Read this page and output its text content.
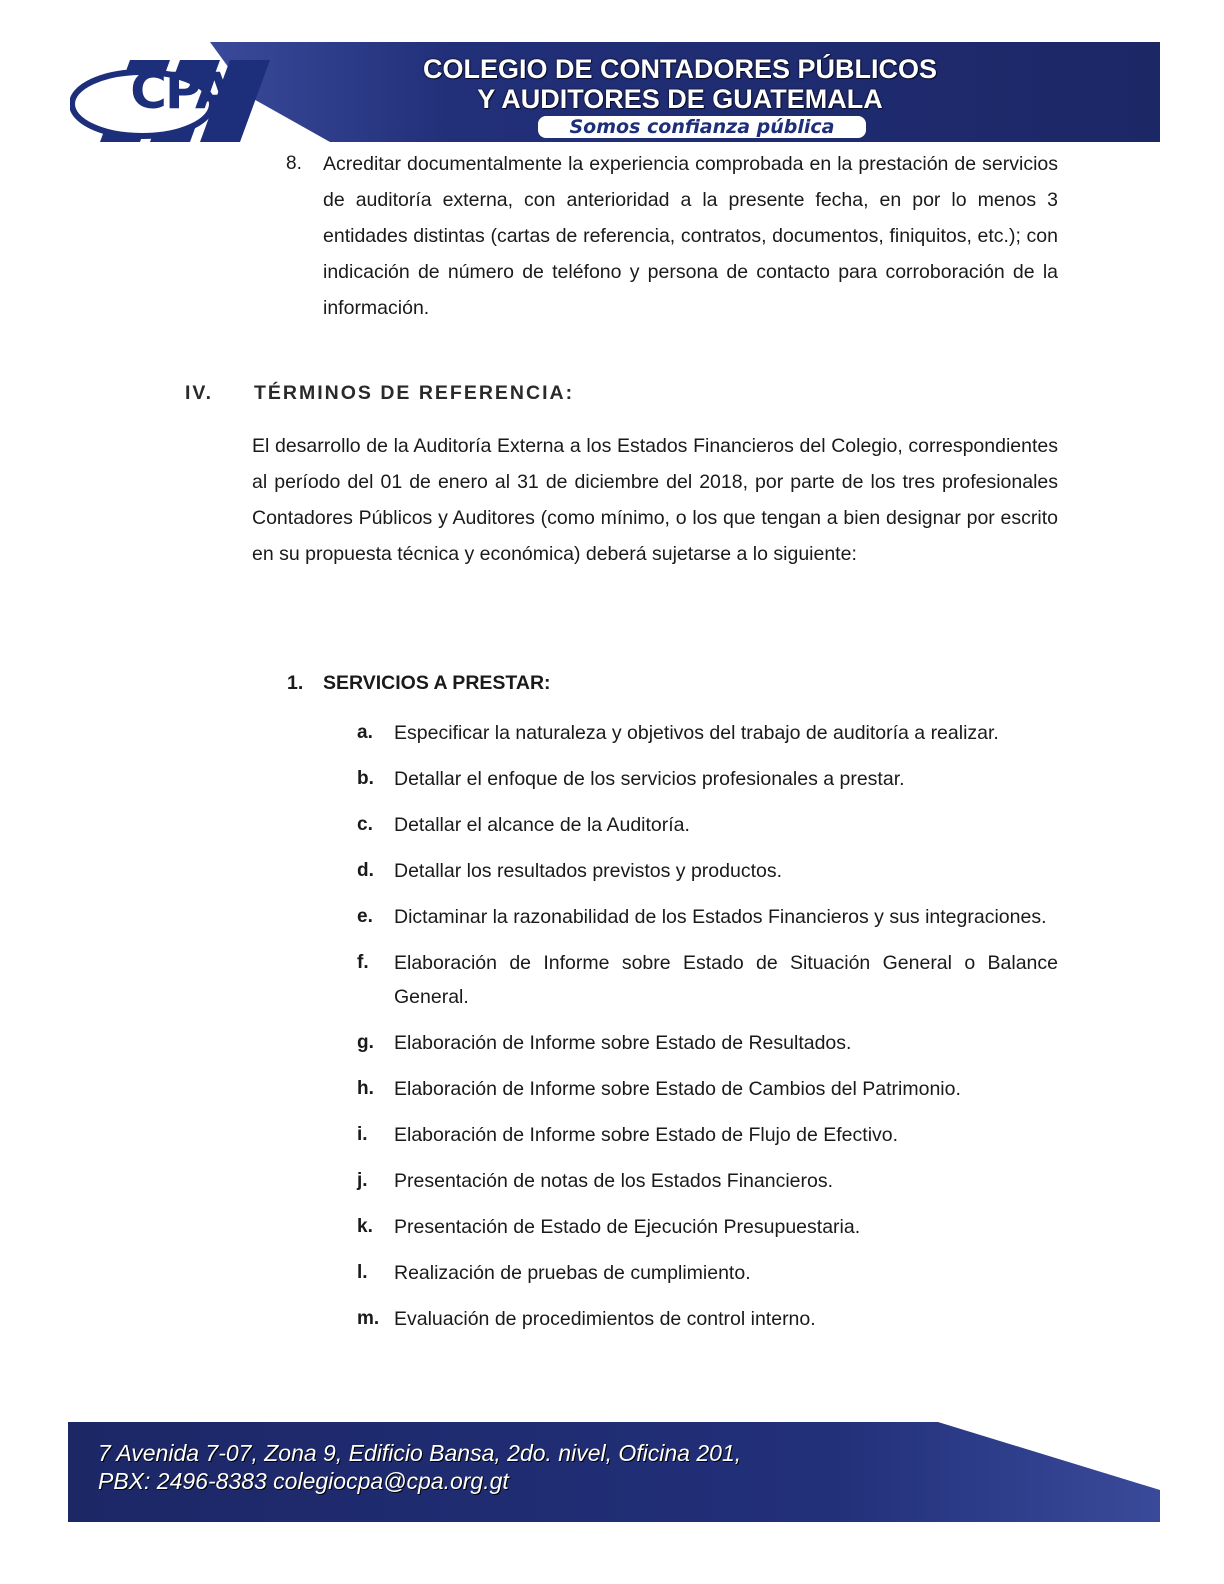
CPA	COLEGIO DE CONTADORES PÚBLICOS
Y AUDITORES DE GUATEMALA
Somos confianza pública
8. Acreditar documentalmente la experiencia comprobada en la prestación de servicios de auditoría externa, con anterioridad a la presente fecha, en por lo menos 3 entidades distintas (cartas de referencia, contratos, documentos, finiquitos, etc.); con indicación de número de teléfono y persona de contacto para corroboración de la información.

IV. TÉRMINOS DE REFERENCIA:

El desarrollo de la Auditoría Externa a los Estados Financieros del Colegio, correspondientes al período del 01 de enero al 31 de diciembre del 2018, por parte de los tres profesionales Contadores Públicos y Auditores (como mínimo, o los que tengan a bien designar por escrito en su propuesta técnica y económica) deberá sujetarse a lo siguiente:

1. SERVICIOS A PRESTAR:
a. Especificar la naturaleza y objetivos del trabajo de auditoría a realizar.
b. Detallar el enfoque de los servicios profesionales a prestar.
c. Detallar el alcance de la Auditoría.
d. Detallar los resultados previstos y productos.
e. Dictaminar la razonabilidad de los Estados Financieros y sus integraciones.
f. Elaboración de Informe sobre Estado de Situación General o Balance General.
g. Elaboración de Informe sobre Estado de Resultados.
h. Elaboración de Informe sobre Estado de Cambios del Patrimonio.
i. Elaboración de Informe sobre Estado de Flujo de Efectivo.
j. Presentación de notas de los Estados Financieros.
k. Presentación de Estado de Ejecución Presupuestaria.
l. Realización de pruebas de cumplimiento.
m. Evaluación de procedimientos de control interno.
7 Avenida 7-07, Zona 9, Edificio Bansa, 2do. nivel, Oficina 201,
PBX: 2496-8383 colegiocpa@cpa.org.gt
